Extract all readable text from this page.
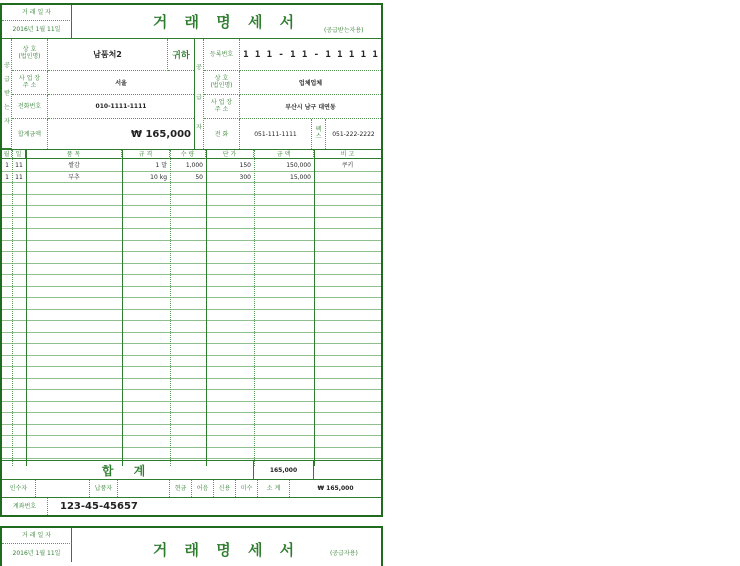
거 래 일 자
2016년 1월 11일	거 래 명 세 서	(공급받는자용)
공
급
받
는
자
상 호
(법인명)	남품처2	귀하
사 업 장
주 소	서울
전화번호	010-1111-1111
합계금액	₩ 165,000
공
급
자
등록번호	1 1 1 - 1 1 - 1 1 1 1 1
상 호
(법인명)	업체업체
사 업 장
주 소	부산시 남구 대연동
전 화	051-111-1111
팩
스	051-222-2222
월	일	품 목	규 격	수 량	단 가	금 액	비 고
1	11	쌀감	1 말	1,000	150	150,000	쿠키
1	11	부추	10 kg	50	300	15,000
합 계	165,000
인수자	납품자	현금	어음	신용	미수	소 계	₩ 165,000
계좌번호	123-45-45657
거 래 일 자
2016년 1월 11일	거 래 명 세 서	(공급자용)
